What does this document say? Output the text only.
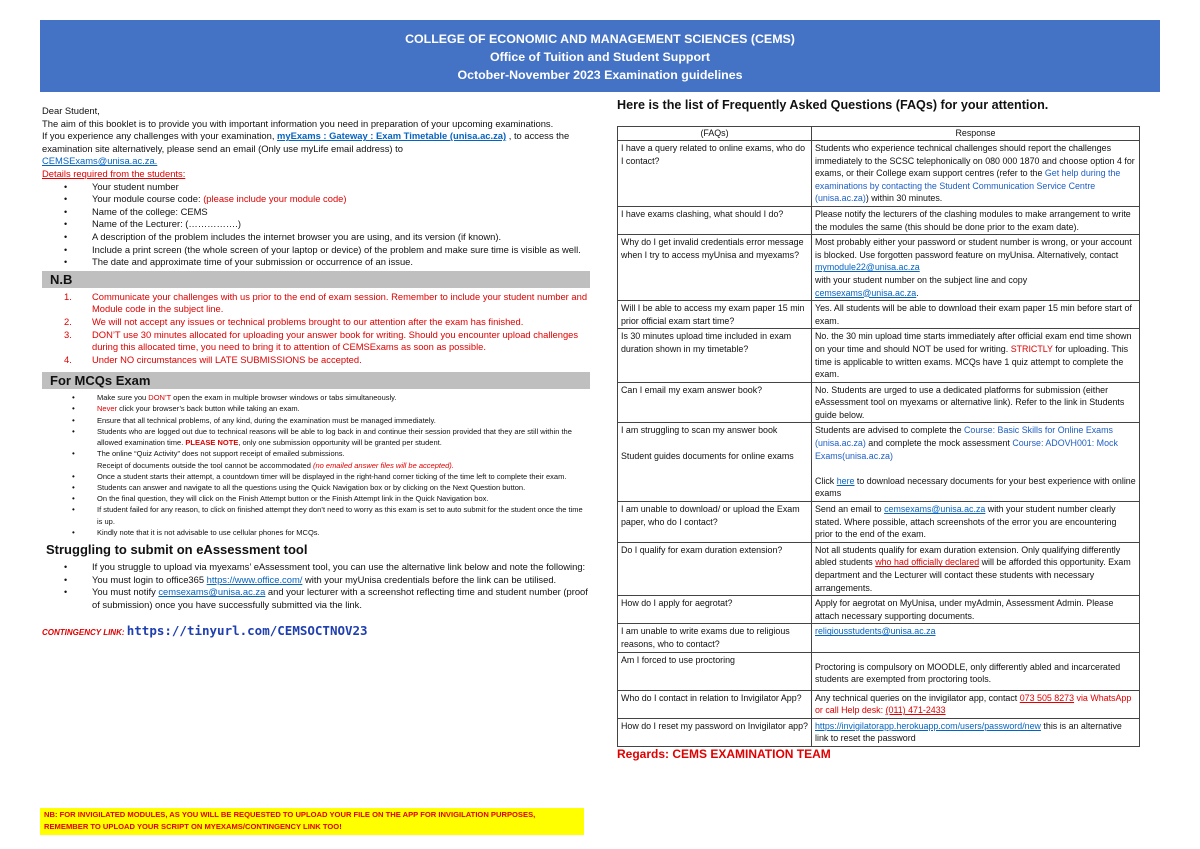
COLLEGE OF ECONOMIC AND MANAGEMENT SCIENCES (CEMS)
Office of Tuition and Student Support
October-November 2023 Examination guidelines

Dear Student,

The aim of this booklet is to provide you with important information you need in preparation of your upcoming examinations.

If you experience any challenges with your examination, myExams : Gateway : Exam Timetable (unisa.ac.za) , to access the examination site alternatively, please send an email (Only use myLife email address) to

CEMSExams@unisa.ac.za.

Details required from the students:

• Your student number
• Your module course code: (please include your module code)
• Name of the college: CEMS
• Name of the Lecturer: (…………….)
• A description of the problem includes the internet browser you are using, and its version (if known).
• Include a print screen (the whole screen of your laptop or device) of the problem and make sure time is visible as well.
• The date and approximate time of your submission or occurrence of an issue.
N.B
1. Communicate your challenges with us prior to the end of exam session. Remember to include your student number and Module code in the subject line.
2. We will not accept any issues or technical problems brought to our attention after the exam has finished.
3. DON’T use 30 minutes allocated for uploading your answer book for writing. Should you encounter upload challenges during this allocated time, you need to bring it to attention of CEMSExams as soon as possible.
4. Under NO circumstances will LATE SUBMISSIONS be accepted.
For MCQs Exam
• Make sure you DON’T open the exam in multiple browser windows or tabs simultaneously.
• Never click your browser’s back button while taking an exam.
• Ensure that all technical problems, of any kind, during the examination must be managed immediately.
• Students who are logged out due to technical reasons will be able to log back in and continue their session provided that they are still within the allowed examination time. PLEASE NOTE, only one submission opportunity will be granted per student.
• The online “Quiz Activity” does not support receipt of emailed submissions.
Receipt of documents outside the tool cannot be accommodated (no emailed answer files will be accepted).
• Once a student starts their attempt, a countdown timer will be displayed in the right-hand corner ticking of the time left to complete their exam.
• Students can answer and navigate to all the questions using the Quick Navigation box or by clicking on the Next Question button.
• On the final question, they will click on the Finish Attempt button or the Finish Attempt link in the Quick Navigation box.
• If student failed for any reason, to click on finished attempt they don’t need to worry as this exam is set to auto submit for the student once the time is up.
• Kindly note that it is not advisable to use cellular phones for MCQs.
Struggling to submit on eAssessment tool
• If you struggle to upload via myexams’ eAssessment tool, you can use the alternative link below and note the following:
• You must login to office365 https://www.office.com/ with your myUnisa credentials before the link can be utilised.
• You must notify cemsexams@unisa.ac.za and your lecturer with a screenshot reflecting time and student number (proof of submission) once you have successfully submitted via the link.
CONTINGENCY LINK: https://tinyurl.com/CEMSOCTNOV23
NB: FOR INVIGILATED MODULES, AS YOU WILL BE REQUESTED TO UPLOAD YOUR FILE ON THE APP FOR INVIGILATION PURPOSES, REMEMBER TO UPLOAD YOUR SCRIPT ON MYEXAMS/CONTINGENCY LINK TOO!
Here is the list of Frequently Asked Questions (FAQs) for your attention.
(FAQs)	Response
I have a query related to online exams, who do I contact?	Students who experience technical challenges should report the challenges immediately to the SCSC telephonically on 080 000 1870 and choose option 4 for exams, or their College exam support centres (refer to the Get help during the examinations by contacting the Student Communication Service Centre (unisa.ac.za)) within 30 minutes.
I have exams clashing, what should I do?	Please notify the lecturers of the clashing modules to make arrangement to write the modules the same (this should be done prior to the exam date).
Why do I get invalid credentials error message when I try to access myUnisa and myexams?	Most probably either your password or student number is wrong, or your account is blocked. Use forgotten password feature on myUnisa. Alternatively, contact mymodule22@unisa.ac.za
with your student number on the subject line and copy
cemsexams@unisa.ac.za.
Will I be able to access my exam paper 15 min prior official exam start time?	Yes. All students will be able to download their exam paper 15 min before start of exam.
Is 30 minutes upload time included in exam duration shown in my timetable?	No. the 30 min upload time starts immediately after official exam end time shown on your time and should NOT be used for writing. STRICTLY for uploading. This time is applicable to written exams. MCQs have 1 quiz attempt to complete the exam.
Can I email my exam answer book?	No. Students are urged to use a dedicated platforms for submission (either eAssessment tool on myexams or alternative link). Refer to the link in Students guide below.
I am struggling to scan my answer book

Student guides documents for online exams	Students are advised to complete the Course: Basic Skills for Online Exams (unisa.ac.za) and complete the mock assessment Course: ADOVH001: Mock Exams(unisa.ac.za)

Click here to download necessary documents for your best experience with online exams
I am unable to download/ or upload the Exam paper, who do I contact?	Send an email to cemsexams@unisa.ac.za with your student number clearly stated. Where possible, attach screenshots of the error you are encountering prior to the end of the exam.
Do I qualify for exam duration extension?	Not all students qualify for exam duration extension. Only qualifying differently abled students who had officially declared will be afforded this opportunity. Exam department and the Lecturer will contact these students with necessary arrangements.
How do I apply for aegrotat?	Apply for aegrotat on MyUnisa, under myAdmin, Assessment Admin. Please attach necessary supporting documents.
I am unable to write exams due to religious reasons, who to contact?	religiousstudents@unisa.ac.za
Am I forced to use proctoring	Proctoring is compulsory on MOODLE, only differently abled and incarcerated students are exempted from proctoring tools.
Who do I contact in relation to Invigilator App?	Any technical queries on the invigilator app, contact 073 505 8273 via WhatsApp or call Help desk: (011) 471-2433
How do I reset my password on Invigilator app?	https://invigilatorapp.herokuapp.com/users/password/new this is an alternative link to reset the password
Regards: CEMS EXAMINATION TEAM
